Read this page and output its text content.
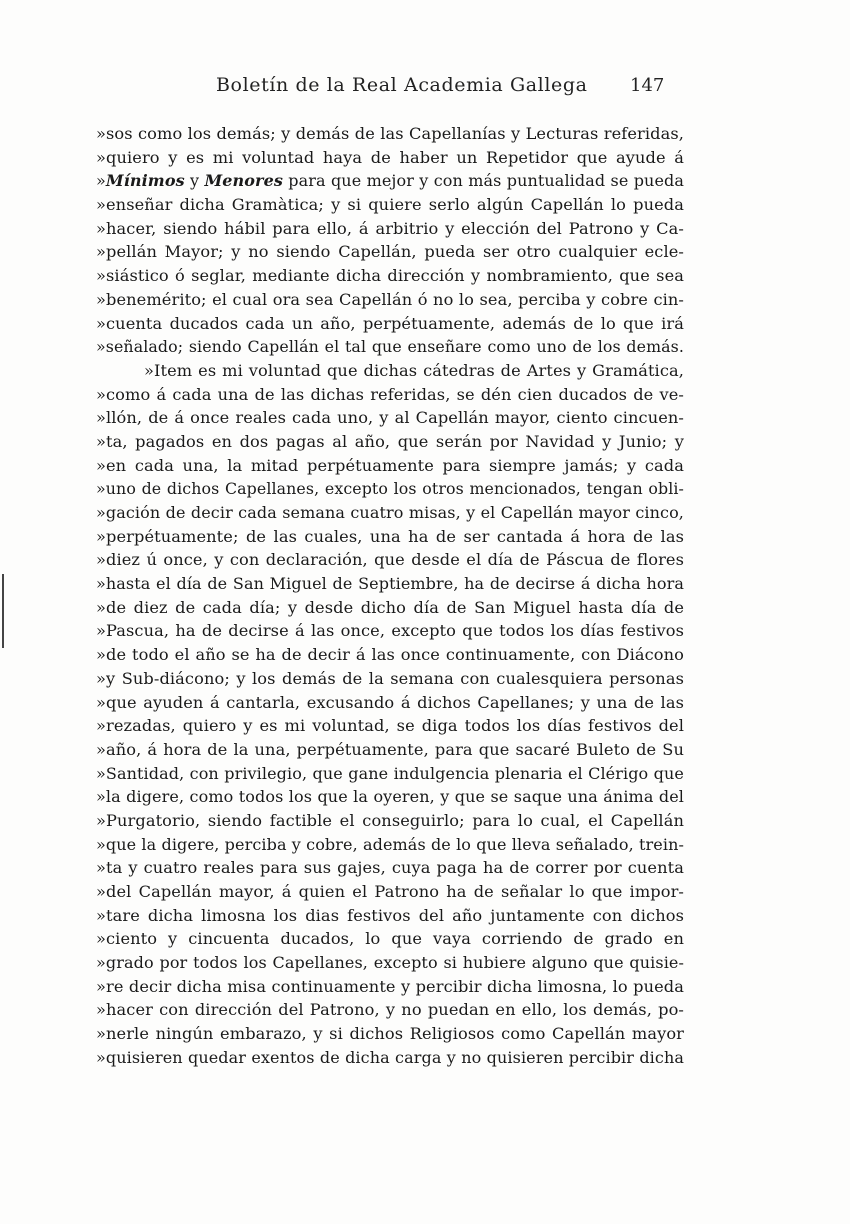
Boletín de la Real Academia Gallega 147
»sos como los demás; y demás de las Capellanías y Lecturas referidas,
»quiero y es mi voluntad haya de haber un Repetidor que ayude á
»Mínimos y Menores para que mejor y con más puntualidad se pueda
»enseñar dicha Gramàtica; y si quiere serlo algún Capellán lo pueda
»hacer, siendo hábil para ello, á arbitrio y elección del Patrono y Ca-
»pellán Mayor; y no siendo Capellán, pueda ser otro cualquier ecle-
»siástico ó seglar, mediante dicha dirección y nombramiento, que sea
»benemérito; el cual ora sea Capellán ó no lo sea, perciba y cobre cin-
»cuenta ducados cada un año, perpétuamente, además de lo que irá
»señalado; siendo Capellán el tal que enseñare como uno de los demás.
»Item es mi voluntad que dichas cátedras de Artes y Gramática,
»como á cada una de las dichas referidas, se dén cien ducados de ve-
»llón, de á once reales cada uno, y al Capellán mayor, ciento cincuen-
»ta, pagados en dos pagas al año, que serán por Navidad y Junio; y
»en cada una, la mitad perpétuamente para siempre jamás; y cada
»uno de dichos Capellanes, excepto los otros mencionados, tengan obli-
»gación de decir cada semana cuatro misas, y el Capellán mayor cinco,
»perpétuamente; de las cuales, una ha de ser cantada á hora de las
»diez ú once, y con declaración, que desde el día de Páscua de flores
»hasta el día de San Miguel de Septiembre, ha de decirse á dicha hora
»de diez de cada día; y desde dicho día de San Miguel hasta día de
»Pascua, ha de decirse á las once, excepto que todos los días festivos
»de todo el año se ha de decir á las once continuamente, con Diácono
»y Sub-diácono; y los demás de la semana con cualesquiera personas
»que ayuden á cantarla, excusando á dichos Capellanes; y una de las
»rezadas, quiero y es mi voluntad, se diga todos los días festivos del
»año, á hora de la una, perpétuamente, para que sacaré Buleto de Su
»Santidad, con privilegio, que gane indulgencia plenaria el Clérigo que
»la digere, como todos los que la oyeren, y que se saque una ánima del
»Purgatorio, siendo factible el conseguirlo; para lo cual, el Capellán
»que la digere, perciba y cobre, además de lo que lleva señalado, trein-
»ta y cuatro reales para sus gajes, cuya paga ha de correr por cuenta
»del Capellán mayor, á quien el Patrono ha de señalar lo que impor-
»tare dicha limosna los dias festivos del año juntamente con dichos
»ciento y cincuenta ducados, lo que vaya corriendo de grado en
»grado por todos los Capellanes, excepto si hubiere alguno que quisie-
»re decir dicha misa continuamente y percibir dicha limosna, lo pueda
»hacer con dirección del Patrono, y no puedan en ello, los demás, po-
»nerle ningún embarazo, y si dichos Religiosos como Capellán mayor
»quisieren quedar exentos de dicha carga y no quisieren percibir dicha
